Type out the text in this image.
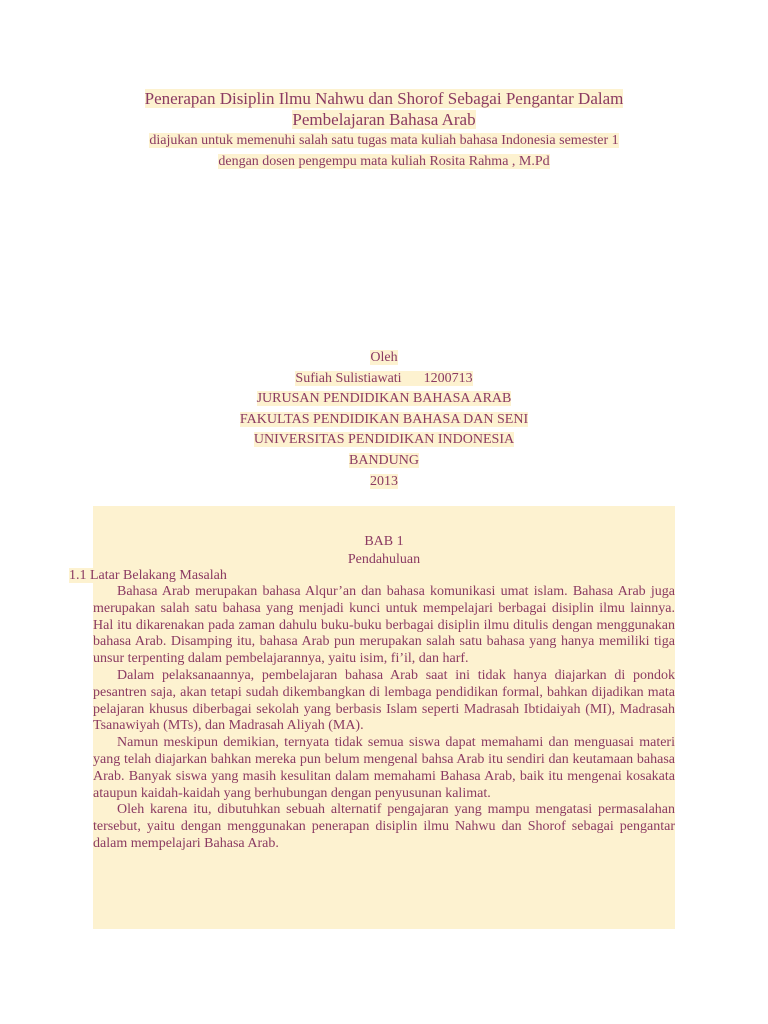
Penerapan Disiplin Ilmu Nahwu dan Shorof Sebagai Pengantar Dalam
Pembelajaran Bahasa Arab
diajukan untuk memenuhi salah satu tugas mata kuliah bahasa Indonesia semester 1
dengan dosen pengempu mata kuliah Rosita Rahma , M.Pd
Oleh
Sufiah Sulistiawati 1200713
JURUSAN PENDIDIKAN BAHASA ARAB
FAKULTAS PENDIDIKAN BAHASA DAN SENI
UNIVERSITAS PENDIDIKAN INDONESIA
BANDUNG
2013
BAB 1
Pendahuluan
1.1 Latar Belakang Masalah

Bahasa Arab merupakan bahasa Alqur’an dan bahasa komunikasi umat islam. Bahasa Arab juga merupakan salah satu bahasa yang menjadi kunci untuk mempelajari berbagai disiplin ilmu lainnya. Hal itu dikarenakan pada zaman dahulu buku-buku berbagai disiplin ilmu ditulis dengan menggunakan bahasa Arab. Disamping itu, bahasa Arab pun merupakan salah satu bahasa yang hanya memiliki tiga unsur terpenting dalam pembelajarannya, yaitu isim, fi’il, dan harf.

Dalam pelaksanaannya, pembelajaran bahasa Arab saat ini tidak hanya diajarkan di pondok pesantren saja, akan tetapi sudah dikembangkan di lembaga pendidikan formal, bahkan dijadikan mata pelajaran khusus diberbagai sekolah yang berbasis Islam seperti Madrasah Ibtidaiyah (MI), Madrasah Tsanawiyah (MTs), dan Madrasah Aliyah (MA).

Namun meskipun demikian, ternyata tidak semua siswa dapat memahami dan menguasai materi yang telah diajarkan bahkan mereka pun belum mengenal bahsa Arab itu sendiri dan keutamaan bahasa Arab. Banyak siswa yang masih kesulitan dalam memahami Bahasa Arab, baik itu mengenai kosakata ataupun kaidah-kaidah yang berhubungan dengan penyusunan kalimat.

Oleh karena itu, dibutuhkan sebuah alternatif pengajaran yang mampu mengatasi permasalahan tersebut, yaitu dengan menggunakan penerapan disiplin ilmu Nahwu dan Shorof sebagai pengantar dalam mempelajari Bahasa Arab.
